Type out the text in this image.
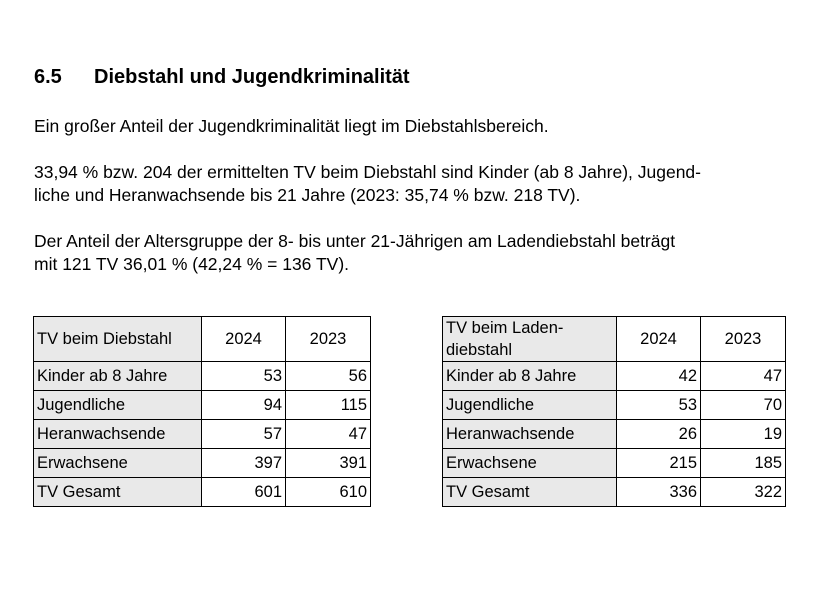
6.5 Diebstahl und Jugendkriminalität
Ein großer Anteil der Jugendkriminalität liegt im Diebstahlsbereich.
33,94 % bzw. 204 der ermittelten TV beim Diebstahl sind Kinder (ab 8 Jahre), Jugend-
liche und Heranwachsende bis 21 Jahre (2023: 35,74 % bzw. 218 TV).
Der Anteil der Altersgruppe der 8- bis unter 21-Jährigen am Ladendiebstahl beträgt
mit 121 TV 36,01 % (42,24 % = 136 TV).
TV beim Diebstahl	2024	2023
Kinder ab 8 Jahre	53	56
Jugendliche	94	115
Heranwachsende	57	47
Erwachsene	397	391
TV Gesamt	601	610
TV beim Laden-
diebstahl	2024	2023
Kinder ab 8 Jahre	42	47
Jugendliche	53	70
Heranwachsende	26	19
Erwachsene	215	185
TV Gesamt	336	322
